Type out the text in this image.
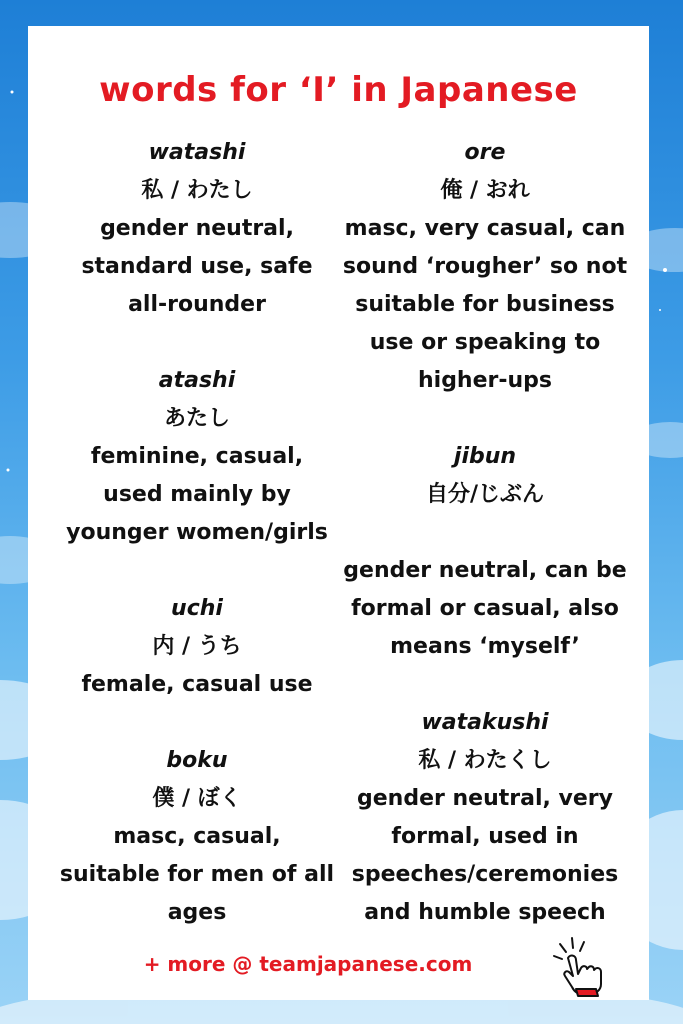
words for ‘I’ in Japanese

watashi

私 / わたし

gender neutral,

standard use, safe

all-rounder

atashi

あたし

feminine, casual,

used mainly by

younger women/girls

uchi

内 / うち

female, casual use

boku

僕 / ぼく

masc, casual,

suitable for men of all

ages

ore

俺 / おれ

masc, very casual, can

sound ‘rougher’ so not

suitable for business

use or speaking to

higher-ups

jibun

自分/じぶん

gender neutral, can be

formal or casual, also

means ‘myself’

watakushi

私 / わたくし

gender neutral, very

formal, used in

speeches/ceremonies

and humble speech

+ more @ teamjapanese.com
